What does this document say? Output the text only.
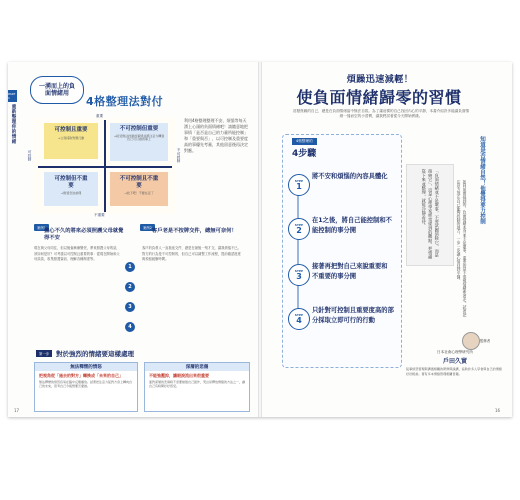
PART 1
重新整理你的情緒
一湧而上的負面情緒用
4格整理法對付
重要
不重要
可控制	不可控制
可控制且重要
→立刻採取對應行動
不可控制但重要
→接受無法控制的事情並將注意力轉到自己可以做的事上
可控制但不重要
→無須急迫處理
不可控制且不重要
→放下吧！不要在意了
利用4格整理整理不安、煩惱等每天湧上心頭的負面情緒吧！請隨意地把事情「是否是自己的力量所能控制」和「重要與否」，以可控制及重要度高的事優先考量，其他留意後再決定對應。
案例1
擔心不久的將來必須照護父母就覺得不安
現在與父母同住，但以後會漸漸變老，將來照護父母的話，該如何是好？可考慮以可控制且重要的事：從現在開始和父母談談，收集照護資訊、理解各種制度等。
1
2
3
4
案例2 客戶老是不按牌交件，總無可奈何！
客戶的負責人一直拖延交件，總是在最後一刻才交，讓我煩惱不已。對方的行為是不可控制的，但自己可以調整工作流程，提前確認進度與預留緩衝時間。
第一步	對於強烈的情緒要這樣處理
無法釋懷的情怒
把視角從「過去的對方」轉換成「未來的自己」
無法釋懷的憤怒容易在腦中反覆播放。試著把注意力從對方身上轉向自己的未來，思考自己今後想要怎麼做。
深層的悲傷
不能強壓抑，讓眼淚流出來很重要
面對深層的悲傷時不需要勉強自己振作，哭泣是釋放情緒的方法之一，讓自己有時間好好感受。
17
煩躁迅速減輕！
使負面情緒歸零的習慣
討厭焦躁的自己，總是在負面情緒當中無法自拔。為了讓這樣的自己找回內心的平靜，本書介紹許多能讓負面情緒一掃而空的小習慣，讓我們試著從今天開始實踐。
4格整理的
4步驟
STEP
1
將不安和煩惱的內容具體化
STEP
2
在1之後，將自己能控制和不能控制的事分開
STEP
3
接著再把對自己來說重要和不重要的事分開
STEP
4
只針對可控制且重要度高的部分採取立即可行的行動
「負面情緒並不是壞事，不要試圖消除它，而是接納它」，這是心理學家經常提到的觀點。把情緒寫下來並整理，就能冷靜看待。	知道是否情緒自然！他覺得要力控制
如同前面提到的，負面情緒本身並不是壞事，重要的是不要被情緒牽著走。試著把注意力放在自己能夠控制的地方，一步一步讓心情回到平靜。
監修者
日本社會心理學研究所
戶田久實
從事憤怒管理與溝通相關的研修與演講，協助許多人學會與自己的情緒好好相處。著有多本情緒管理相關書籍。
16
